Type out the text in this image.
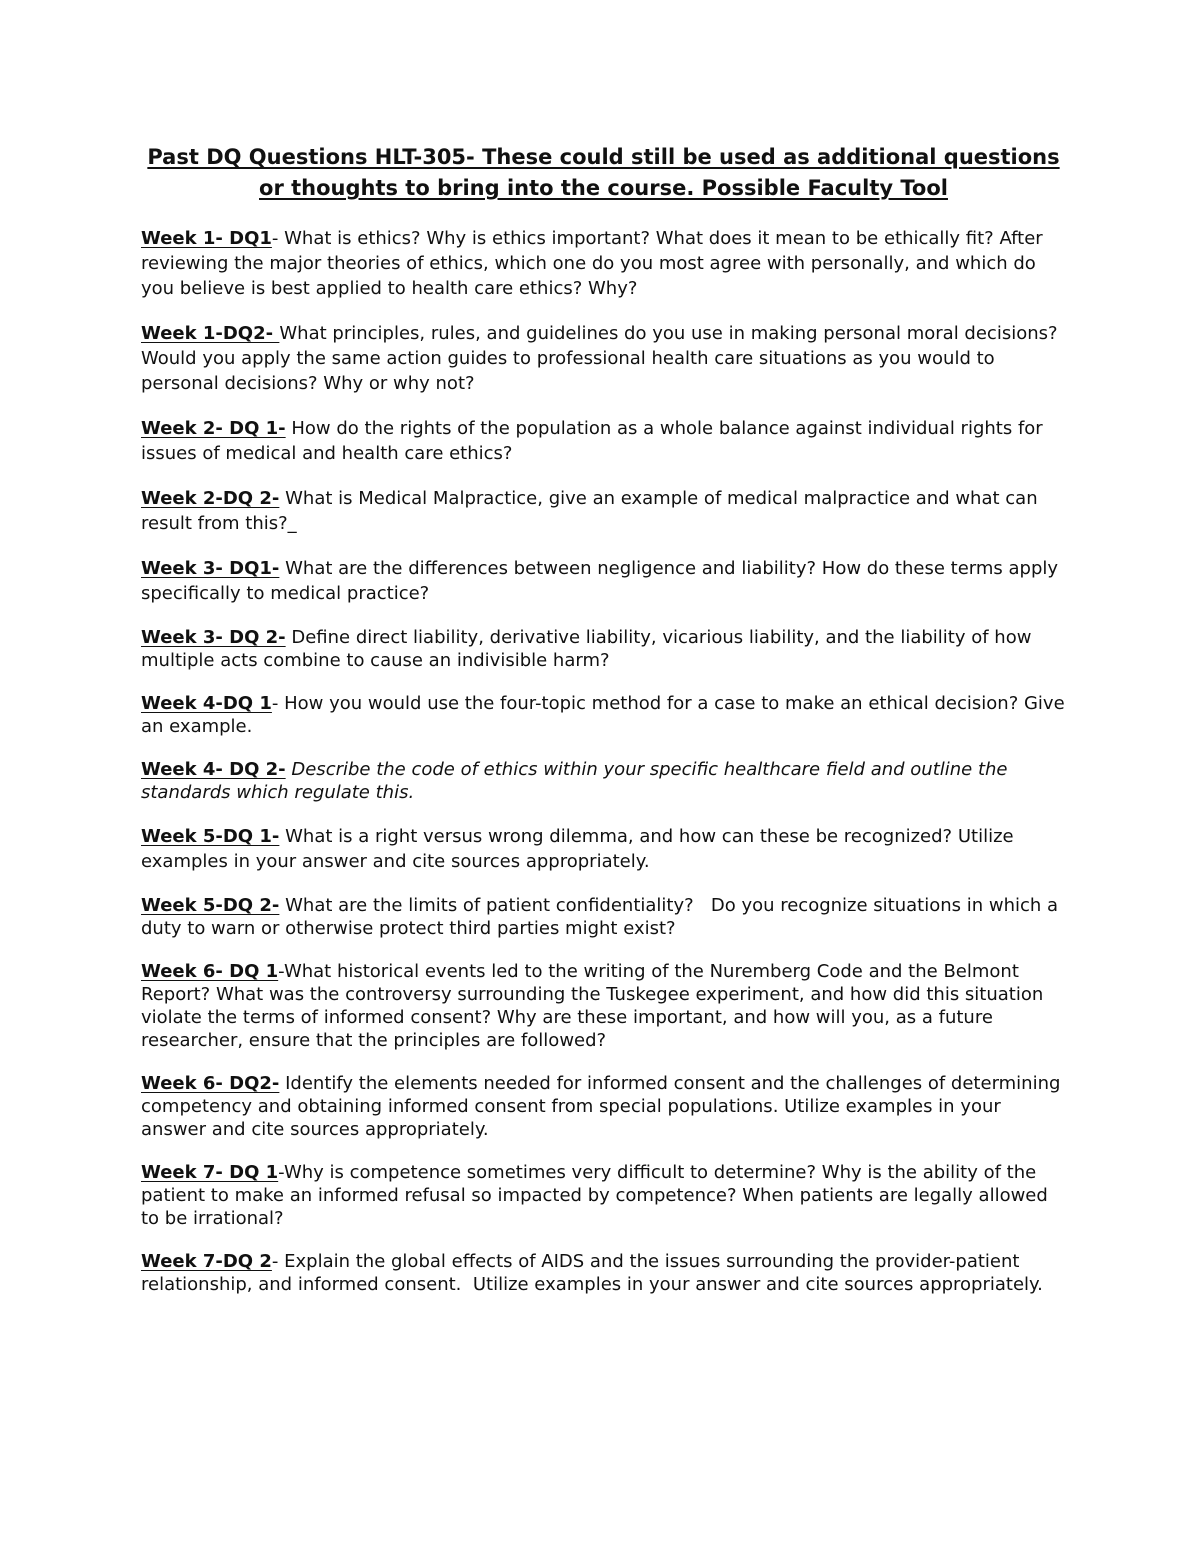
Past DQ Questions HLT-305- These could still be used as additional questions or thoughts to bring into the course. Possible Faculty Tool

Week 1- DQ1- What is ethics? Why is ethics important? What does it mean to be ethically fit? After reviewing the major theories of ethics, which one do you most agree with personally, and which do you believe is best applied to health care ethics? Why?

Week 1-DQ2- What principles, rules, and guidelines do you use in making personal moral decisions? Would you apply the same action guides to professional health care situations as you would to personal decisions? Why or why not?

Week 2- DQ 1- How do the rights of the population as a whole balance against individual rights for issues of medical and health care ethics?

Week 2-DQ 2- What is Medical Malpractice, give an example of medical malpractice and what can result from this?_

Week 3- DQ1- What are the differences between negligence and liability? How do these terms apply specifically to medical practice?

Week 3- DQ 2- Define direct liability, derivative liability, vicarious liability, and the liability of how multiple acts combine to cause an indivisible harm?

Week 4-DQ 1- How you would use the four-topic method for a case to make an ethical decision? Give an example.

Week 4- DQ 2- Describe the code of ethics within your specific healthcare field and outline the standards which regulate this.

Week 5-DQ 1- What is a right versus wrong dilemma, and how can these be recognized? Utilize examples in your answer and cite sources appropriately.

Week 5-DQ 2- What are the limits of patient confidentiality?   Do you recognize situations in which a duty to warn or otherwise protect third parties might exist?

Week 6- DQ 1-What historical events led to the writing of the Nuremberg Code and the Belmont Report? What was the controversy surrounding the Tuskegee experiment, and how did this situation violate the terms of informed consent? Why are these important, and how will you, as a future researcher, ensure that the principles are followed?

Week 6- DQ2- Identify the elements needed for informed consent and the challenges of determining competency and obtaining informed consent from special populations. Utilize examples in your answer and cite sources appropriately.

Week 7- DQ 1-Why is competence sometimes very difficult to determine? Why is the ability of the patient to make an informed refusal so impacted by competence? When patients are legally allowed to be irrational?

Week 7-DQ 2- Explain the global effects of AIDS and the issues surrounding the provider-patient relationship, and informed consent.  Utilize examples in your answer and cite sources appropriately.
